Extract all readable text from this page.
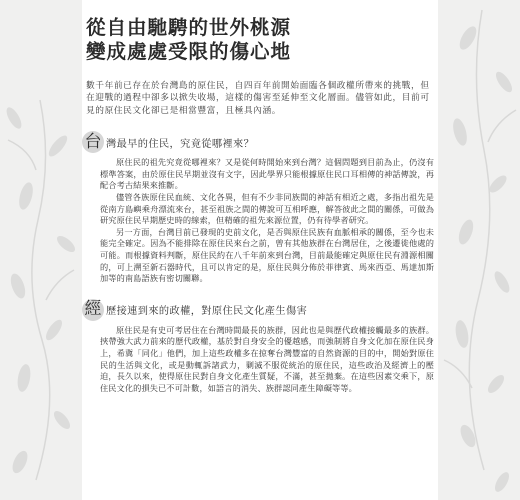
從自由馳騁的世外桃源
變成處處受限的傷心地

數千年前已存在於台灣島的原住民，自四百年前開始面臨各個政權所帶來的挑戰，但在迎戰的過程中卻多以掀失收場，這樣的傷害至延伸至文化層面。儘管如此，目前可見的原住民文化卻已是相當豐富，且極具內涵。

台 灣最早的住民，究竟從哪裡來？

原住民的祖先究竟從哪裡來？又是從何時開始來到台灣？這個問題到目前為止，仍沒有標準答案，由於原住民早期並沒有文字，因此學界只能根據原住民口耳相傳的神話傳說，再配合考古結果來推斷。

儘管各族原住民血統、文化各異，但有不少非同族間的神話有相近之處，多指出祖先是從南方島嶼乘舟漂流來台，甚至祖族之間的傳說可互相呼應，解答彼此之間的關係，可做為研究原住民早期歷史時的線索，但精確的祖先來源位置，仍有待學者研究。

另一方面，台灣目前已發現的史前文化，是否與原住民族有血脈相承的關係，至今也未能完全確定。因為不能排除在原住民來台之前，曾有其他族群在台灣居住，之後遷徙他處的可能。而根據資料判斷，原住民約在八千年前來到台灣，目前最能確定與原住民有淵源相關的，可上溯至新石器時代，且可以肯定的是，原住民與分佈於菲律賓、馬來西亞、馬達加斯加等的南島語族有密切關聯。

經 歷接連到來的政權，對原住民文化產生傷害

原住民是有史可考居住在台灣時間最長的族群，因此也是與歷代政權接觸最多的族群。挾帶強大武力前來的歷代政權，基於對自身安全的優越感，而強制將自身文化加在原住民身上，希冀「同化」他們，加上這些政權多在掠奪台灣豐富的自然資源的目的中，開始對原住民的生活與文化，或是動輒訴諸武力，剿滅不服從統治的原住民，這些政治及經濟上的壓迫，長久以來，使得原住民對自身文化產生質疑，不滿，甚至拋棄。在這些因素交乘下，原住民文化的損失已不可計數，如語言的消失、族群認同產生障礙等等。
